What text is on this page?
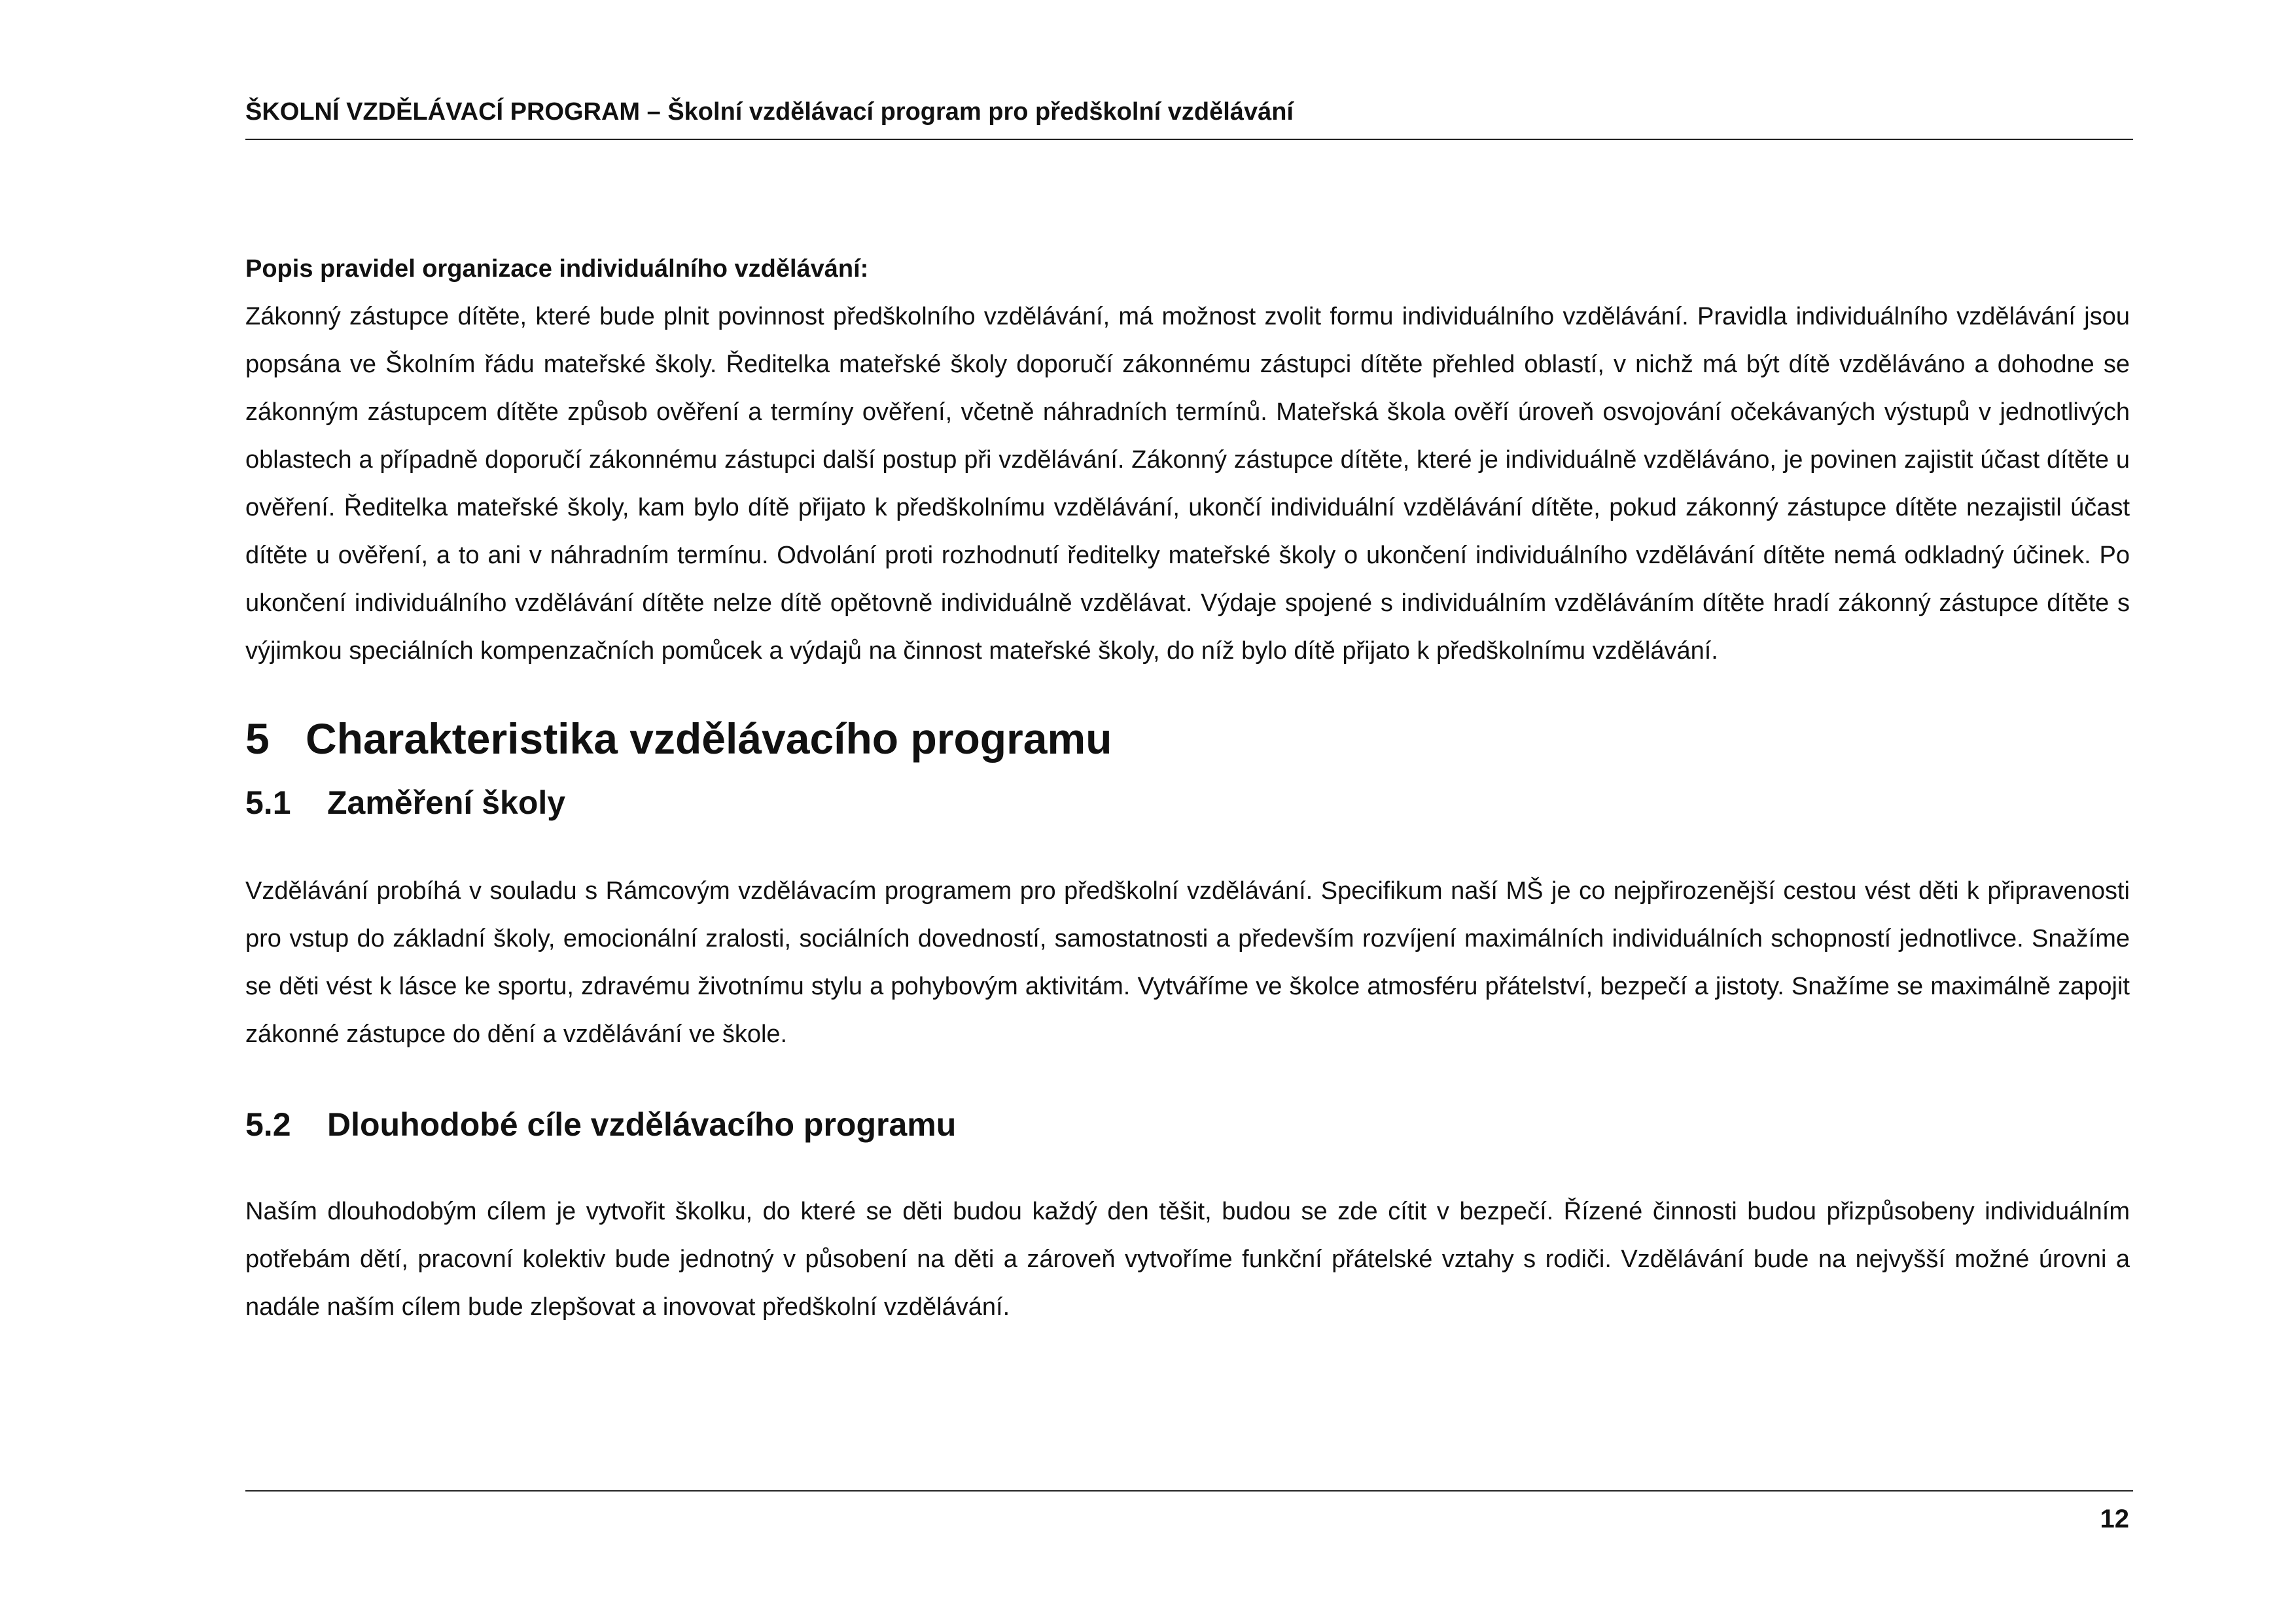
ŠKOLNÍ VZDĚLÁVACÍ PROGRAM – Školní vzdělávací program pro předškolní vzdělávání

Popis pravidel organizace individuálního vzdělávání:

Zákonný zástupce dítěte, které bude plnit povinnost předškolního vzdělávání, má možnost zvolit formu individuálního vzdělávání. Pravidla individuálního vzdělávání jsou popsána ve Školním řádu mateřské školy. Ředitelka mateřské školy doporučí zákonnému zástupci dítěte přehled oblastí, v nichž má být dítě vzděláváno a dohodne se zákonným zástupcem dítěte způsob ověření a termíny ověření, včetně náhradních termínů. Mateřská škola ověří úroveň osvojování očekávaných výstupů v jednotlivých oblastech a případně doporučí zákonnému zástupci další postup při vzdělávání. Zákonný zástupce dítěte, které je individuálně vzděláváno, je povinen zajistit účast dítěte u ověření. Ředitelka mateřské školy, kam bylo dítě přijato k předškolnímu vzdělávání, ukončí individuální vzdělávání dítěte, pokud zákonný zástupce dítěte nezajistil účast dítěte u ověření, a to ani v náhradním termínu. Odvolání proti rozhodnutí ředitelky mateřské školy o ukončení individuálního vzdělávání dítěte nemá odkladný účinek. Po ukončení individuálního vzdělávání dítěte nelze dítě opětovně individuálně vzdělávat. Výdaje spojené s individuálním vzděláváním dítěte hradí zákonný zástupce dítěte s výjimkou speciálních kompenzačních pomůcek a výdajů na činnost mateřské školy, do níž bylo dítě přijato k předškolnímu vzdělávání.

5 Charakteristika vzdělávacího programu
5.1 Zaměření školy

Vzdělávání probíhá v souladu s Rámcovým vzdělávacím programem pro předškolní vzdělávání. Specifikum naší MŠ je co nejpřirozenější cestou vést děti k připravenosti pro vstup do základní školy, emocionální zralosti, sociálních dovedností, samostatnosti a především rozvíjení maximálních individuálních schopností jednotlivce. Snažíme se děti vést k lásce ke sportu, zdravému životnímu stylu a pohybovým aktivitám. Vytváříme ve školce atmosféru přátelství, bezpečí a jistoty. Snažíme se maximálně zapojit zákonné zástupce do dění a vzdělávání ve škole.

5.2 Dlouhodobé cíle vzdělávacího programu

Naším dlouhodobým cílem je vytvořit školku, do které se děti budou každý den těšit, budou se zde cítit v bezpečí. Řízené činnosti budou přizpůsobeny individuálním potřebám dětí, pracovní kolektiv bude jednotný v působení na děti a zároveň vytvoříme funkční přátelské vztahy s rodiči. Vzdělávání bude na nejvyšší možné úrovni a nadále naším cílem bude zlepšovat a inovovat předškolní vzdělávání.

12
